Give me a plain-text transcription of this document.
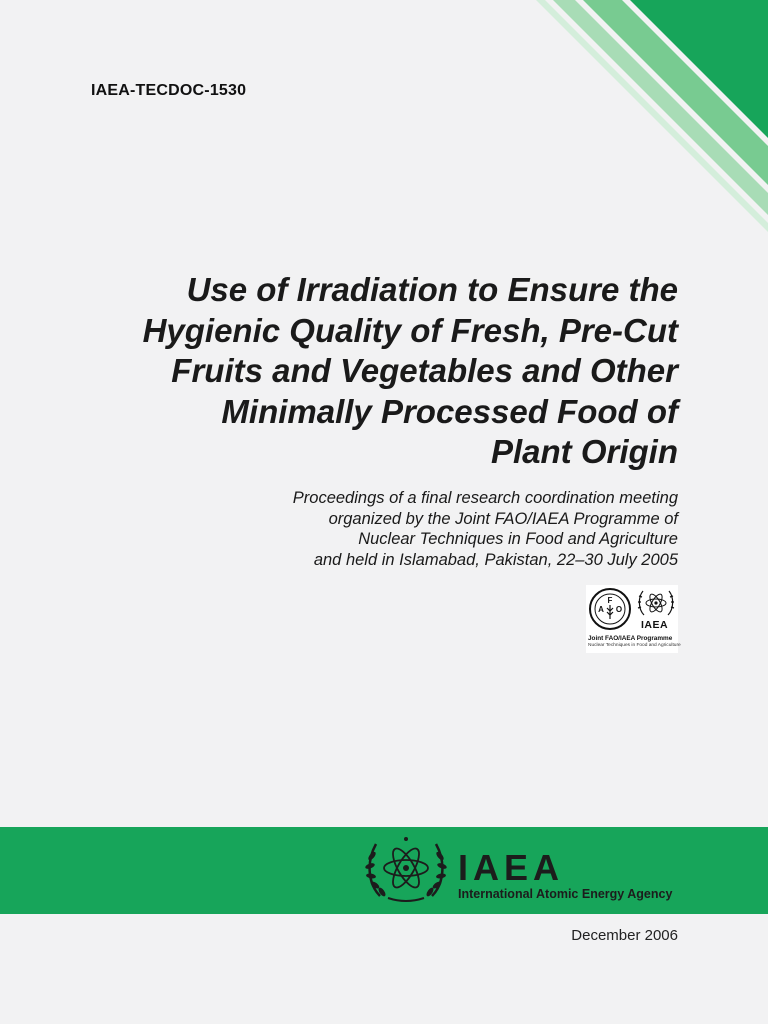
IAEA-TECDOC-1530
Use of Irradiation to Ensure the
Hygienic Quality of Fresh, Pre-Cut
Fruits and Vegetables and Other
Minimally Processed Food of
Plant Origin
Proceedings of a final research coordination meeting
organized by the Joint FAO/IAEA Programme of
Nuclear Techniques in Food and Agriculture
and held in Islamabad, Pakistan, 22–30 July 2005
F
A O
IAEA
Joint FAO/IAEA Programme
Nuclear Techniques in Food and Agriculture
IAEA
International Atomic Energy Agency
December 2006
